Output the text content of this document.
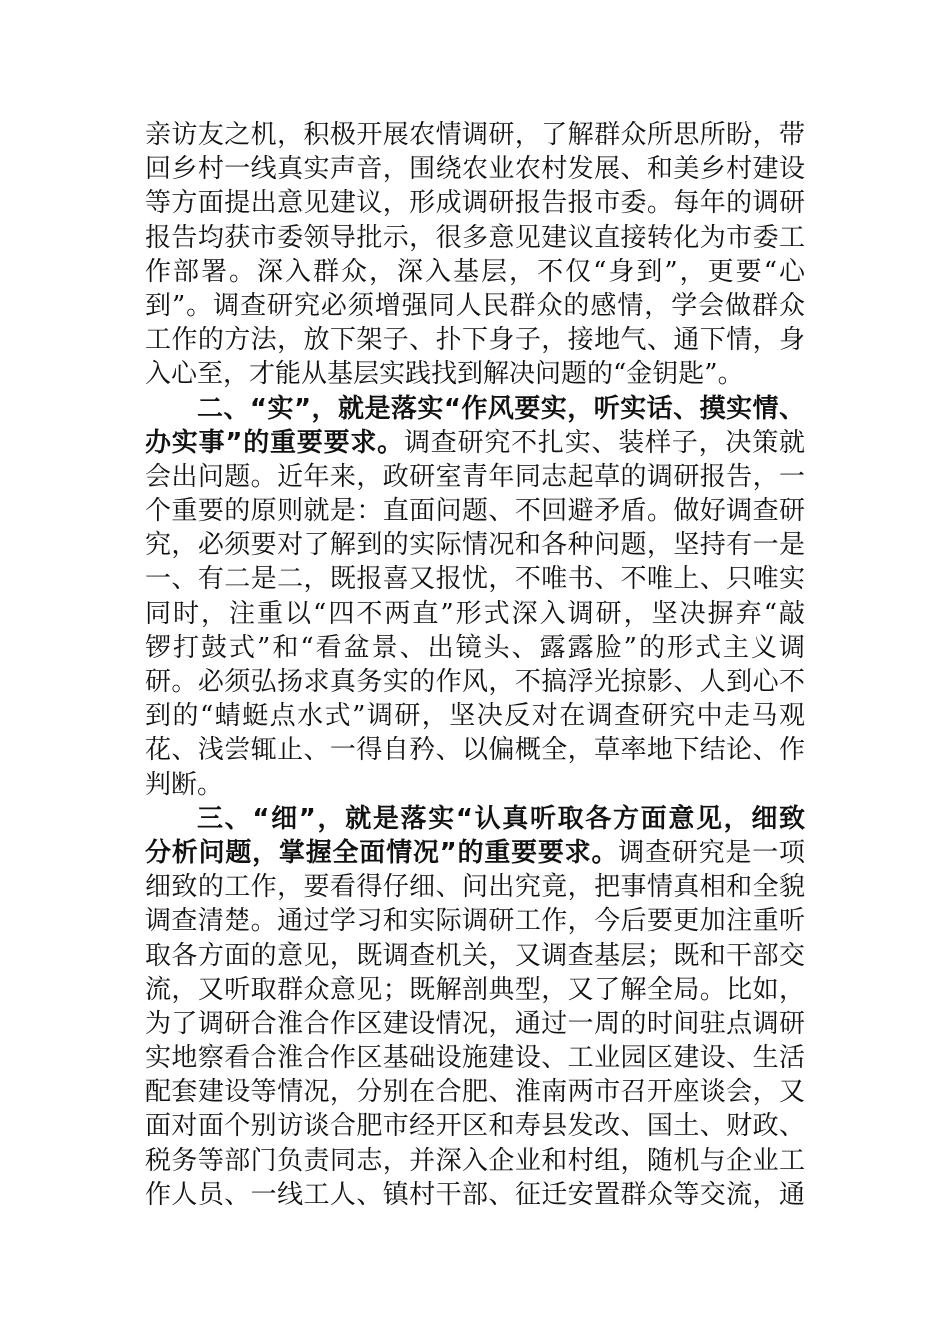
亲访友之机，积极开展农情调研，了解群众所思所盼，带
回乡村一线真实声音，围绕农业农村发展、和美乡村建设
等方面提出意见建议，形成调研报告报市委。每年的调研
报告均获市委领导批示，很多意见建议直接转化为市委工
作部署。深入群众，深入基层，不仅“身到”，更要“心
到”。调查研究必须增强同人民群众的感情，学会做群众
工作的方法，放下架子、扑下身子，接地气、通下情，身
入心至，才能从基层实践找到解决问题的“金钥匙”。
二、“实”，就是落实“作风要实，听实话、摸实情、
办实事”的重要要求。调查研究不扎实、装样子，决策就
会出问题。近年来，政研室青年同志起草的调研报告，一
个重要的原则就是：直面问题、不回避矛盾。做好调查研
究，必须要对了解到的实际情况和各种问题，坚持有一是
一、有二是二，既报喜又报忧，不唯书、不唯上、只唯实
同时，注重以“四不两直”形式深入调研，坚决摒弃“敲
锣打鼓式”和“看盆景、出镜头、露露脸”的形式主义调
研。必须弘扬求真务实的作风，不搞浮光掠影、人到心不
到的“蜻蜓点水式”调研，坚决反对在调查研究中走马观
花、浅尝辄止、一得自矜、以偏概全，草率地下结论、作
判断。
三、“细”，就是落实“认真听取各方面意见，细致
分析问题，掌握全面情况”的重要要求。调查研究是一项
细致的工作，要看得仔细、问出究竟，把事情真相和全貌
调查清楚。通过学习和实际调研工作，今后要更加注重听
取各方面的意见，既调查机关，又调查基层；既和干部交
流，又听取群众意见；既解剖典型，又了解全局。比如，
为了调研合淮合作区建设情况，通过一周的时间驻点调研
实地察看合淮合作区基础设施建设、工业园区建设、生活
配套建设等情况，分别在合肥、淮南两市召开座谈会，又
面对面个别访谈合肥市经开区和寿县发改、国土、财政、
税务等部门负责同志，并深入企业和村组，随机与企业工
作人员、一线工人、镇村干部、征迁安置群众等交流，通
